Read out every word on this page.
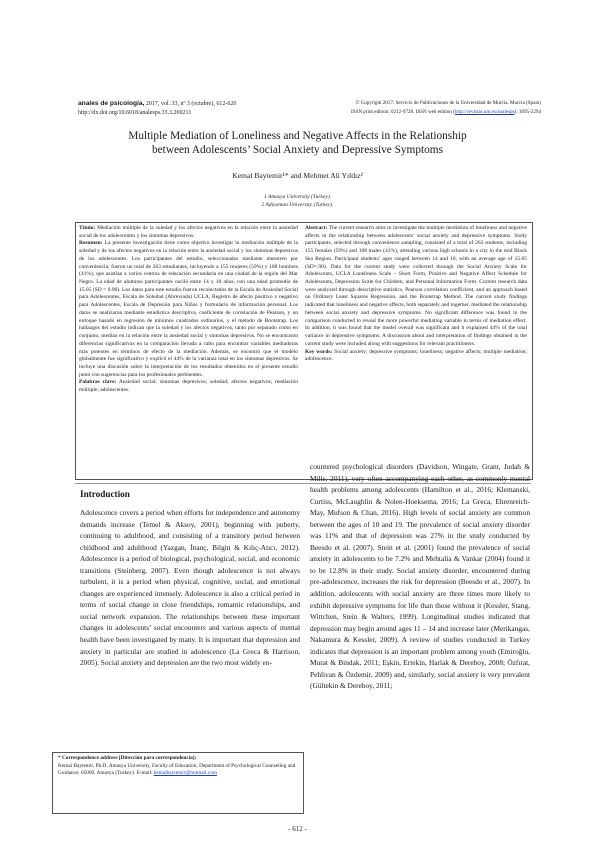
anales de psicología, 2017, vol. 33, nº 3 (octubre), 612-620
http://dx.doi.org/10.6018/analesps.33.3.269211
© Copyright 2017: Servicio de Publicaciones de la Universidad de Murcia. Murcia (Spain)
ISSN print edition: 0212-9728. ISSN web edition (http://revistas.um.es/analesps): 1695-2294
Multiple Mediation of Loneliness and Negative Affects in the Relationship
between Adolescents’ Social Anxiety and Depressive Symptoms
Kemal Baytemir¹* and Mehmet Ali Yıldız²
1 Amasya University (Turkey).
2 Adıyaman University (Turkey).
Título: Mediación múltiple de la soledad y los afectos negativos en la relación entre la ansiedad social de los adolescentes y los síntomas depresivos.
Resumen: La presente investigación tiene como objetivo investigar la mediación múltiple de la soledad y de los afectos negativos en la relación entre la ansiedad social y los síntomas depresivos de los adolescentes. Los participantes del estudio, seleccionados mediante muestreo por conveniencia, fueron un total de 263 estudiantes, incluyendo a 155 mujeres (59%) y 108 hombres (41%), que asistían a varios centros de educación secundaria en una ciudad de la región del Mar Negro. La edad de alumnos participantes osciló entre 14 y 18 años, con una edad promedio de 15.05 (SD = 0.90). Los datos para este estudio fueron recolectados de la Escala de Ansiedad Social para Adolescentes, Escala de Soledad (Abreviada) UCLA, Registro de afecto positivo y negativo para Adolescentes, Escala de Depresión para Niños y formulario de información personal. Los datos se analizaron mediante estadística descriptiva, coeficiente de correlación de Pearson, y un enfoque basado en regresión de mínimos cuadrados ordinarios, y el método de Bootstrap. Los hallazgos del estudio indican que la soledad y los afectos negativos, tanto por separado como en conjunto, median en la relación entre la ansiedad social y síntomas depresivos. No se encontraron diferencias significativas en la comparación llevada a cabo para encontrar variables mediadoras más potentes en términos de efecto de la mediación. Además, se encontró que el modelo globalmente fue significativo y explicó el 44% de la varianza total en los síntomas depresivos. Se incluye una discusión sobre la interpretación de los resultados obtenidos en el presente estudio junto con sugerencias para los profesionales pertinentes.
Palabras clave: Ansiedad social; síntomas depresivos; soledad; afectos negativos; mediación múltiple; adolescentes.
Abstract: The current research aims to investigate the multiple mediation of loneliness and negative affects in the relationship between adolescents’ social anxiety and depressive symptoms. Study participants, selected through convenience sampling, consisted of a total of 263 students, including 155 females (59%) and 108 males (41%), attending various high schools in a city in the mid Black Sea Region. Participant students’ ages ranged between 14 and 18, with an average age of 15.05 (SD=.90). Data for the current study were collected through the Social Anxiety Scale for Adolescents, UCLA Loneliness Scale – Short Form, Positive and Negative Affect Schedule for Adolescents, Depression Scale for Children, and Personal Information Form. Current research data were analyzed through descriptive statistics, Pearson correlation coefficient, and an approach based on Ordinary Least Squares Regression, and the Bootstrap Method. The current study findings indicated that loneliness and negative affects, both separately and together, mediated the relationship between social anxiety and depressive symptoms. No significant difference was found in the comparison conducted to reveal the more powerful mediating variable in terms of mediation effect. In addition, it was found that the model overall was significant and it explained 44% of the total variance in depressive symptoms. A discussion about and interpretation of findings obtained in the current study were included along with suggestions for relevant practitioners.
Key words: Social anxiety; depressive symptoms; loneliness; negative affects; multiple mediation; adolescence.
Introduction
Adolescence covers a period when efforts for independence and autonomy demands increase (Temel & Aksoy, 2001), beginning with puberty, continuing to adulthood, and consisting of a transitory period between childhood and adulthood (Yazgan, İnanç, Bilgin & Kılıç-Atıcı, 2012). Adolescence is a period of biological, psychological, social, and economic transitions (Steinberg, 2007). Even though adolescence is not always turbulent, it is a period when physical, cognitive, social, and emotional changes are experienced intensely. Adolescence is also a critical period in terms of social change in close friendships, romantic relationships, and social network expansion. The relationships between these important changes in adolescents’ social encounters and various aspects of mental health have been investigated by many. It is important that depression and anxiety in particular are studied in adolescence (La Greca & Harrison, 2005). Social anxiety and depression are the two most widely en-
countered psychological disorders (Davidson, Wingate, Grant, Judah & Mills, 2011), very often accompanying each other, as commonly mental health problems among adolescents (Hamilton et al., 2016; Klemanski, Curtiss, McLaughlin & Nolen-Hoeksema, 2016; La Greca, Ehrenreich-May, Mufson & Chan, 2016). High levels of social anxiety are common between the ages of 10 and 19. The prevalence of social anxiety disorder was 11% and that of depression was 27% in the study conducted by Beesdo et al. (2007). Stein et al. (2001) found the prevalence of social anxiety in adolescents to be 7.2% and Mehtalia & Vankar (2004) found it to be 12.8% in their study. Social anxiety disorder, encountered during pre-adolescence, increases the risk for depression (Beesdo et al., 2007). In addition, adolescents with social anxiety are three times more likely to exhibit depressive symptoms for life than those without it (Kessler, Stang, Wittchen, Stein & Walters, 1999). Longitudinal studies indicated that depression may begin around ages 11 – 14 and increase later (Merikangas, Nakamura & Kessler, 2009). A review of studies conducted in Turkey indicates that depression is an important problem among youth (Emiroğlu, Murat & Bindak, 2011; Eşkin, Ertekin, Harlak & Dereboy, 2008; Özfırat, Pehlivan & Özdemir, 2009) and, similarly, social anxiety is very prevalent (Gültekin & Dereboy, 2011;
* Correspondence address [Dirección para correspondencia]:
Kemal Baytemir, Ph.D, Amasya University, Faculty of Education, Department of Psychological Counseling and Guidance, 05000, Amasya (Turkey). E-mail: kemalbaytemir@hotmail.com
- 612 -
